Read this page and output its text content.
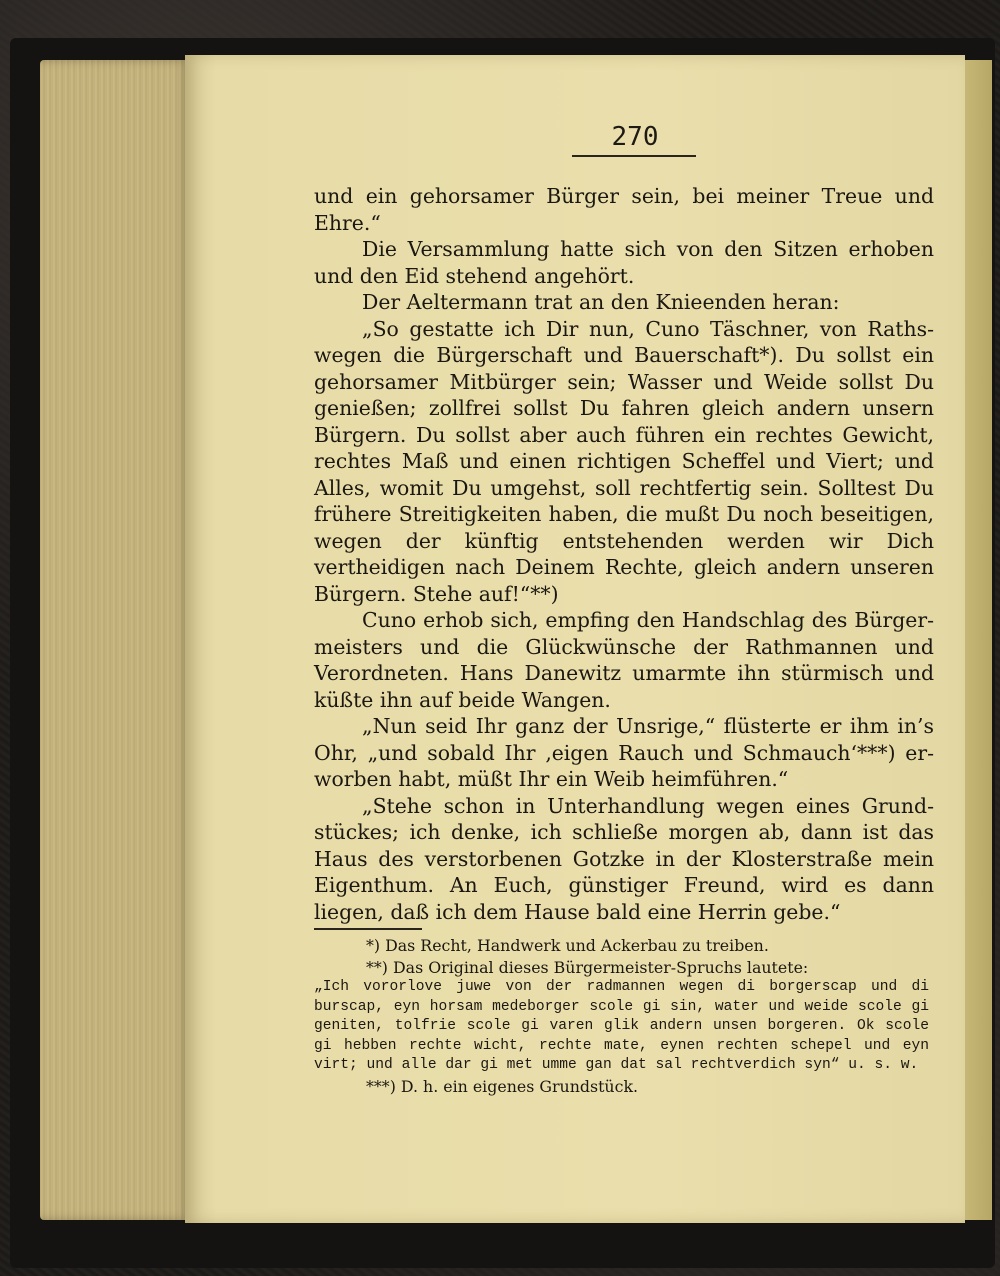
270

und ein gehorsamer Bürger sein, bei meiner Treue und Ehre.“

Die Versammlung hatte sich von den Sitzen erhoben und den Eid stehend angehört.

Der Aeltermann trat an den Knieenden heran:

„So gestatte ich Dir nun, Cuno Täschner, von Raths-wegen die Bürgerschaft und Bauerschaft*). Du sollst ein gehorsamer Mitbürger sein; Wasser und Weide sollst Du genießen; zollfrei sollst Du fahren gleich andern unsern Bürgern. Du sollst aber auch führen ein rechtes Gewicht, rechtes Maß und einen richtigen Scheffel und Viert; und Alles, womit Du umgehst, soll rechtfertig sein. Solltest Du frühere Streitigkeiten haben, die mußt Du noch beseitigen, wegen der künftig entstehenden werden wir Dich vertheidigen nach Deinem Rechte, gleich andern unseren Bürgern. Stehe auf!“**)

Cuno erhob sich, empfing den Handschlag des Bürger-meisters und die Glückwünsche der Rathmannen und Verordneten. Hans Danewitz umarmte ihn stürmisch und küßte ihn auf beide Wangen.

„Nun seid Ihr ganz der Unsrige,“ flüsterte er ihm in’s Ohr, „und sobald Ihr ‚eigen Rauch und Schmauch‘***) er-worben habt, müßt Ihr ein Weib heimführen.“

„Stehe schon in Unterhandlung wegen eines Grund-stückes; ich denke, ich schließe morgen ab, dann ist das Haus des verstorbenen Gotzke in der Klosterstraße mein Eigenthum. An Euch, günstiger Freund, wird es dann liegen, daß ich dem Hause bald eine Herrin gebe.“

*) Das Recht, Handwerk und Ackerbau zu treiben.

**) Das Original dieses Bürgermeister-Spruchs lautete:

„Ich vororlove juwe von der radmannen wegen di borgerscap und di burscap, eyn horsam medeborger scole gi sin, water und weide scole gi geniten, tolfrie scole gi varen glik andern unsen borgeren. Ok scole gi hebben rechte wicht, rechte mate, eynen rechten schepel und eyn virt; und alle dar gi met umme gan dat sal rechtverdich syn“ u. s. w.

***) D. h. ein eigenes Grundstück.
